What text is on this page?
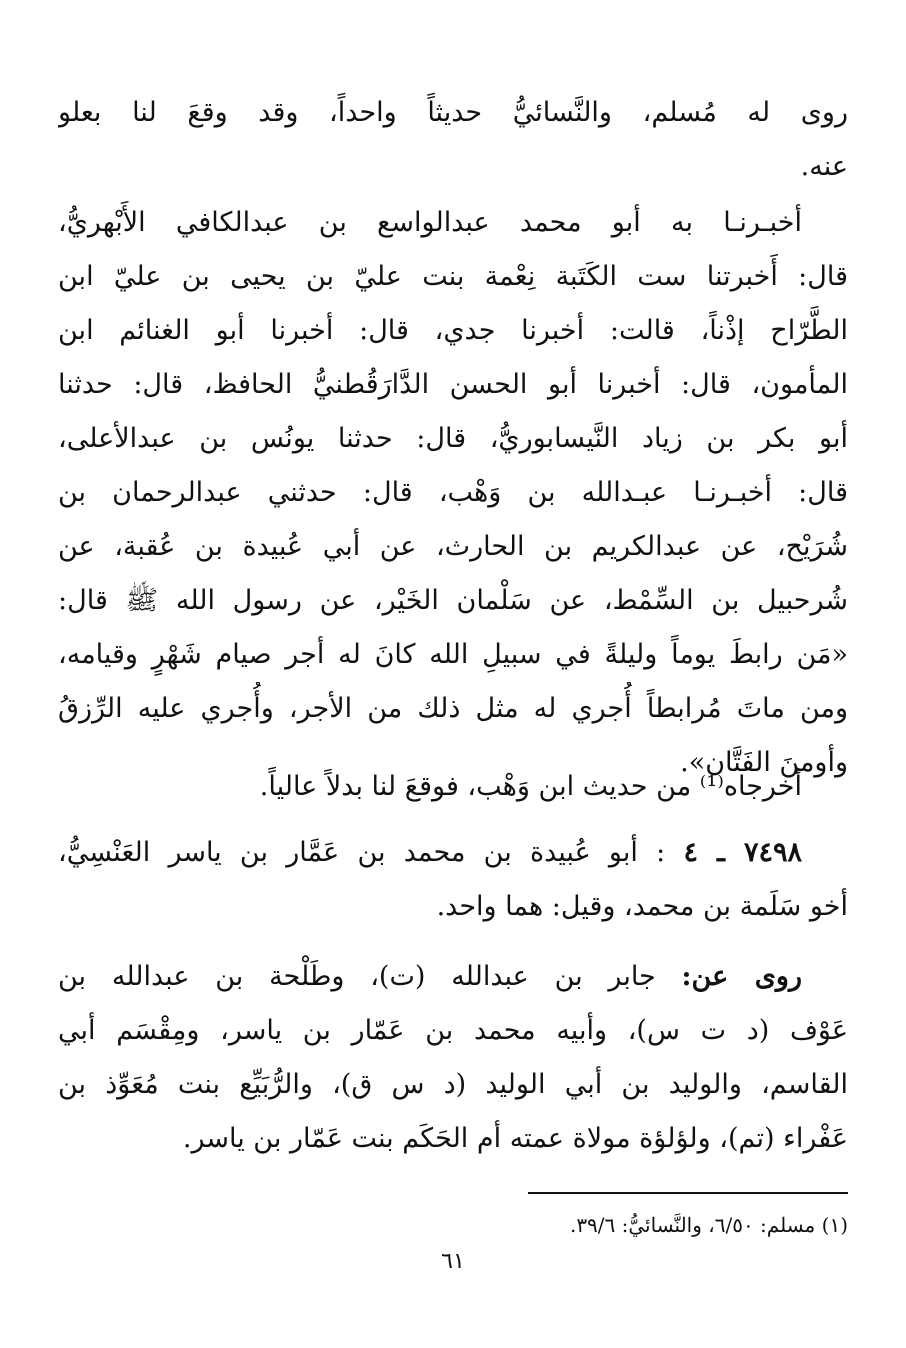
روى له مُسلم، والنَّسائيُّ حديثاً واحداً، وقد وقعَ لنا بعلو
عنه.
أخبـرنـا به أبو محمد عبدالواسع بن عبدالكافي الأَبْهريُّ،
قال: أَخبرتنا ست الكَتَبة نِعْمة بنت عليّ بن يحيى بن عليّ ابن
الطَّرّاح إذْناً، قالت: أخبرنا جدي، قال: أخبرنا أبو الغنائم ابن
المأمون، قال: أخبرنا أبو الحسن الدَّارَقُطنيُّ الحافظ، قال: حدثنا
أبو بكر بن زياد النَّيسابوريُّ، قال: حدثنا يونُس بن عبدالأعلى،
قال: أخبـرنـا عبـدالله بن وَهْب، قال: حدثني عبدالرحمان بن
شُرَيْح، عن عبدالكريم بن الحارث، عن أبي عُبيدة بن عُقبة، عن
شُرحبيل بن السِّمْط، عن سَلْمان الخَيْر، عن رسول الله ﷺ قال:
«مَن رابطَ يوماً وليلةً في سبيلِ الله كانَ له أجر صيام شَهْرٍ وقيامه،
ومن ماتَ مُرابطاً أُجري له مثل ذلك من الأجر، وأُجري عليه الرِّزقُ
وأومنَ الفَتَّان».
أخرجاه⁽¹⁾ من حديث ابن وَهْب، فوقعَ لنا بدلاً عالياً.
٧٤٩٨ ـ ٤ : أبو عُبيدة بن محمد بن عَمَّار بن ياسر العَنْسِيُّ،
أخو سَلَمة بن محمد، وقيل: هما واحد.
روى عن: جابر بن عبدالله (ت)، وطَلْحة بن عبدالله بن
عَوْف (د ت س)، وأبيه محمد بن عَمّار بن ياسر، ومِقْسَم أبي
القاسم، والوليد بن أبي الوليد (د س ق)، والرُّبَيِّع بنت مُعَوِّذ بن
عَفْراء (تم)، ولؤلؤة مولاة عمته أم الحَكَم بنت عَمّار بن ياسر.
(١) مسلم: ٦/٥٠، والنَّسائيُّ: ٣٩/٦.
٦١
